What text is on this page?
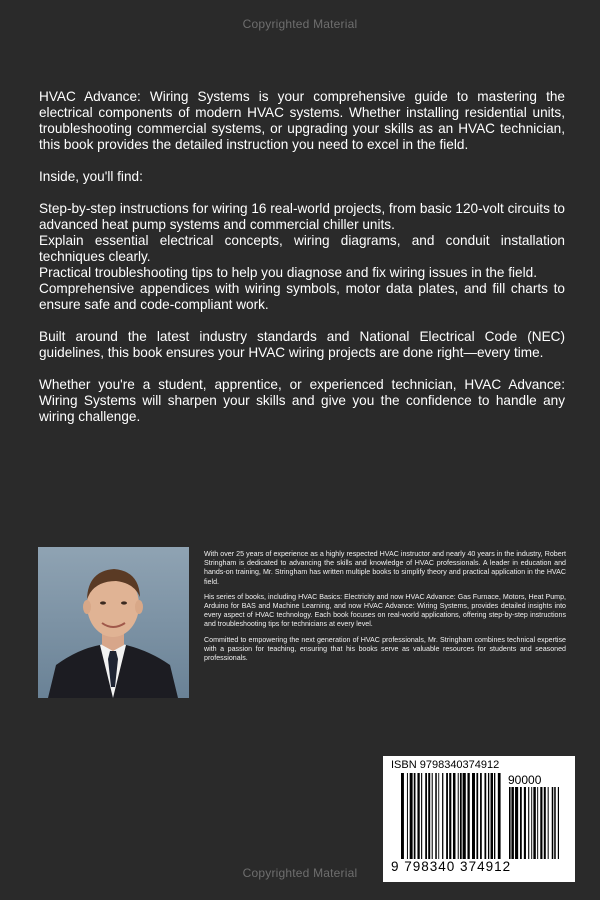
Copyrighted Material

HVAC Advance: Wiring Systems is your comprehensive guide to mastering the electrical components of modern HVAC systems. Whether installing residential units, troubleshooting commercial systems, or upgrading your skills as an HVAC technician, this book provides the detailed instruction you need to excel in the field.

Inside, you'll find:

Step-by-step instructions for wiring 16 real-world projects, from basic 120-volt circuits to advanced heat pump systems and commercial chiller units.

Explain essential electrical concepts, wiring diagrams, and conduit installation techniques clearly.

Practical troubleshooting tips to help you diagnose and fix wiring issues in the field.

Comprehensive appendices with wiring symbols, motor data plates, and fill charts to ensure safe and code-compliant work.

Built around the latest industry standards and National Electrical Code (NEC) guidelines, this book ensures your HVAC wiring projects are done right—every time.

Whether you're a student, apprentice, or experienced technician, HVAC Advance: Wiring Systems will sharpen your skills and give you the confidence to handle any wiring challenge.

With over 25 years of experience as a highly respected HVAC instructor and nearly 40 years in the industry, Robert Stringham is dedicated to advancing the skills and knowledge of HVAC professionals. A leader in education and hands-on training, Mr. Stringham has written multiple books to simplify theory and practical application in the HVAC field.

His series of books, including HVAC Basics: Electricity and now HVAC Advance: Gas Furnace, Motors, Heat Pump, Arduino for BAS and Machine Learning, and now HVAC Advance: Wiring Systems, provides detailed insights into every aspect of HVAC technology. Each book focuses on real-world applications, offering step-by-step instructions and troubleshooting tips for technicians at every level.

Committed to empowering the next generation of HVAC professionals, Mr. Stringham combines technical expertise with a passion for teaching, ensuring that his books serve as valuable resources for students and seasoned professionals.

ISBN 9798340374912
90000
9 798340 374912
Copyrighted Material
